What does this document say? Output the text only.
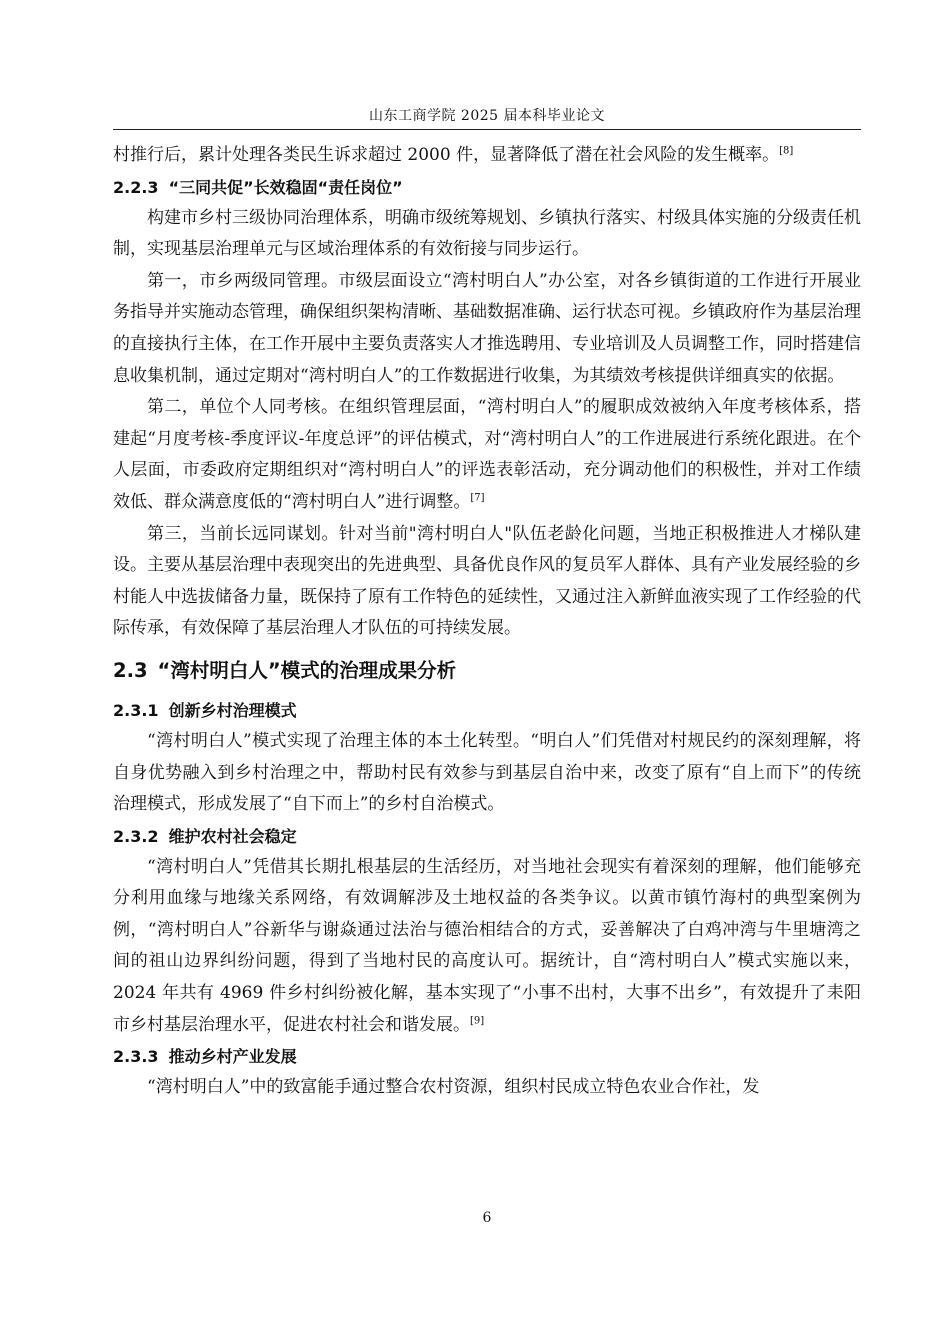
山东工商学院 2025 届本科毕业论文

村推行后，累计处理各类民生诉求超过 2000 件，显著降低了潜在社会风险的发生概率。[8]

2.2.3 “三同共促”长效稳固“责任岗位”

构建市乡村三级协同治理体系，明确市级统筹规划、乡镇执行落实、村级具体实施的分级责任机制，实现基层治理单元与区域治理体系的有效衔接与同步运行。

第一，市乡两级同管理。市级层面设立“湾村明白人”办公室，对各乡镇街道的工作进行开展业务指导并实施动态管理，确保组织架构清晰、基础数据准确、运行状态可视。乡镇政府作为基层治理的直接执行主体，在工作开展中主要负责落实人才推选聘用、专业培训及人员调整工作，同时搭建信息收集机制，通过定期对“湾村明白人”的工作数据进行收集，为其绩效考核提供详细真实的依据。

第二，单位个人同考核。在组织管理层面，“湾村明白人”的履职成效被纳入年度考核体系，搭建起“月度考核-季度评议-年度总评”的评估模式，对“湾村明白人”的工作进展进行系统化跟进。在个人层面，市委政府定期组织对“湾村明白人”的评选表彰活动，充分调动他们的积极性，并对工作绩效低、群众满意度低的“湾村明白人”进行调整。[7]

第三，当前长远同谋划。针对当前"湾村明白人"队伍老龄化问题，当地正积极推进人才梯队建设。主要从基层治理中表现突出的先进典型、具备优良作风的复员军人群体、具有产业发展经验的乡村能人中选拔储备力量，既保持了原有工作特色的延续性，又通过注入新鲜血液实现了工作经验的代际传承，有效保障了基层治理人才队伍的可持续发展。

2.3 “湾村明白人”模式的治理成果分析
2.3.1 创新乡村治理模式

“湾村明白人”模式实现了治理主体的本土化转型。“明白人”们凭借对村规民约的深刻理解，将自身优势融入到乡村治理之中，帮助村民有效参与到基层自治中来，改变了原有“自上而下”的传统治理模式，形成发展了“自下而上”的乡村自治模式。

2.3.2 维护农村社会稳定

“湾村明白人”凭借其长期扎根基层的生活经历，对当地社会现实有着深刻的理解，他们能够充分利用血缘与地缘关系网络，有效调解涉及土地权益的各类争议。以黄市镇竹海村的典型案例为例，“湾村明白人”谷新华与谢焱通过法治与德治相结合的方式，妥善解决了白鸡冲湾与牛里塘湾之间的祖山边界纠纷问题，得到了当地村民的高度认可。据统计，自“湾村明白人”模式实施以来，2024 年共有 4969 件乡村纠纷被化解，基本实现了“小事不出村，大事不出乡”，有效提升了耒阳市乡村基层治理水平，促进农村社会和谐发展。[9]

2.3.3 推动乡村产业发展

“湾村明白人”中的致富能手通过整合农村资源，组织村民成立特色农业合作社，发

6
